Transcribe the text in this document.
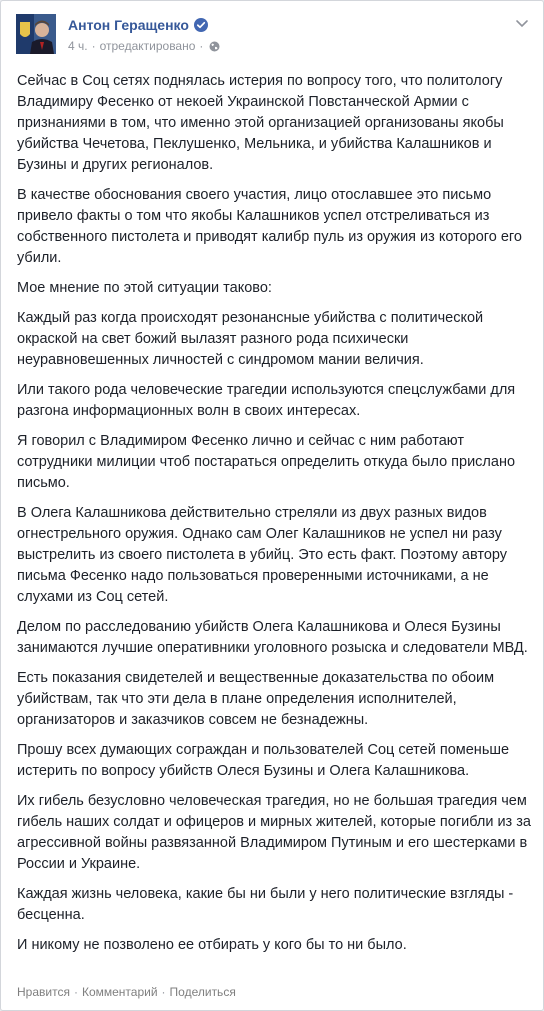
Антон Геращенко
4 ч. · отредактировано ·

Сейчас в Соц сетях поднялась истерия по вопросу того, что политологу Владимиру Фесенко от некоей Украинской Повстанческой Армии с признаниями в том, что именно этой организацией организованы якобы убийства Чечетова, Пеклушенко, Мельника, и убийства Калашников и Бузины и других регионалов.

В качестве обоснования своего участия, лицо отославшее это письмо привело факты о том что якобы Калашников успел отстреливаться из собственного пистолета и приводят калибр пуль из оружия из которого его убили.

Мое мнение по этой ситуации таково:

Каждый раз когда происходят резонансные убийства с политической окраской на свет божий вылазят разного рода психически неуравновешенных личностей с синдромом мании величия.

Или такого рода человеческие трагедии используются спецслужбами для разгона информационных волн в своих интересах.

Я говорил с Владимиром Фесенко лично и сейчас с ним работают сотрудники милиции чтоб постараться определить откуда было прислано письмо.

В Олега Калашникова действительно стреляли из двух разных видов огнестрельного оружия. Однако сам Олег Калашников не успел ни разу выстрелить из своего пистолета в убийц. Это есть факт. Поэтому автору письма Фесенко надо пользоваться проверенными источниками, а не слухами из Соц сетей.

Делом по расследованию убийств Олега Калашникова и Олеся Бузины занимаются лучшие оперативники уголовного розыска и следователи МВД.

Есть показания свидетелей и вещественные доказательства по обоим убийствам, так что эти дела в плане определения исполнителей, организаторов и заказчиков совсем не безнадежны.

Прошу всех думающих сограждан и пользователей Соц сетей поменьше истерить по вопросу убийств Олеся Бузины и Олега Калашникова.

Их гибель безусловно человеческая трагедия, но не большая трагедия чем гибель наших солдат и офицеров и мирных жителей, которые погибли из за агрессивной войны развязанной Владимиром Путиным и его шестерками в России и Украине.

Каждая жизнь человека, какие бы ни были у него политические взгляды - бесценна.

И никому не позволено ее отбирать у кого бы то ни было.

Нравится · Комментарий · Поделиться
